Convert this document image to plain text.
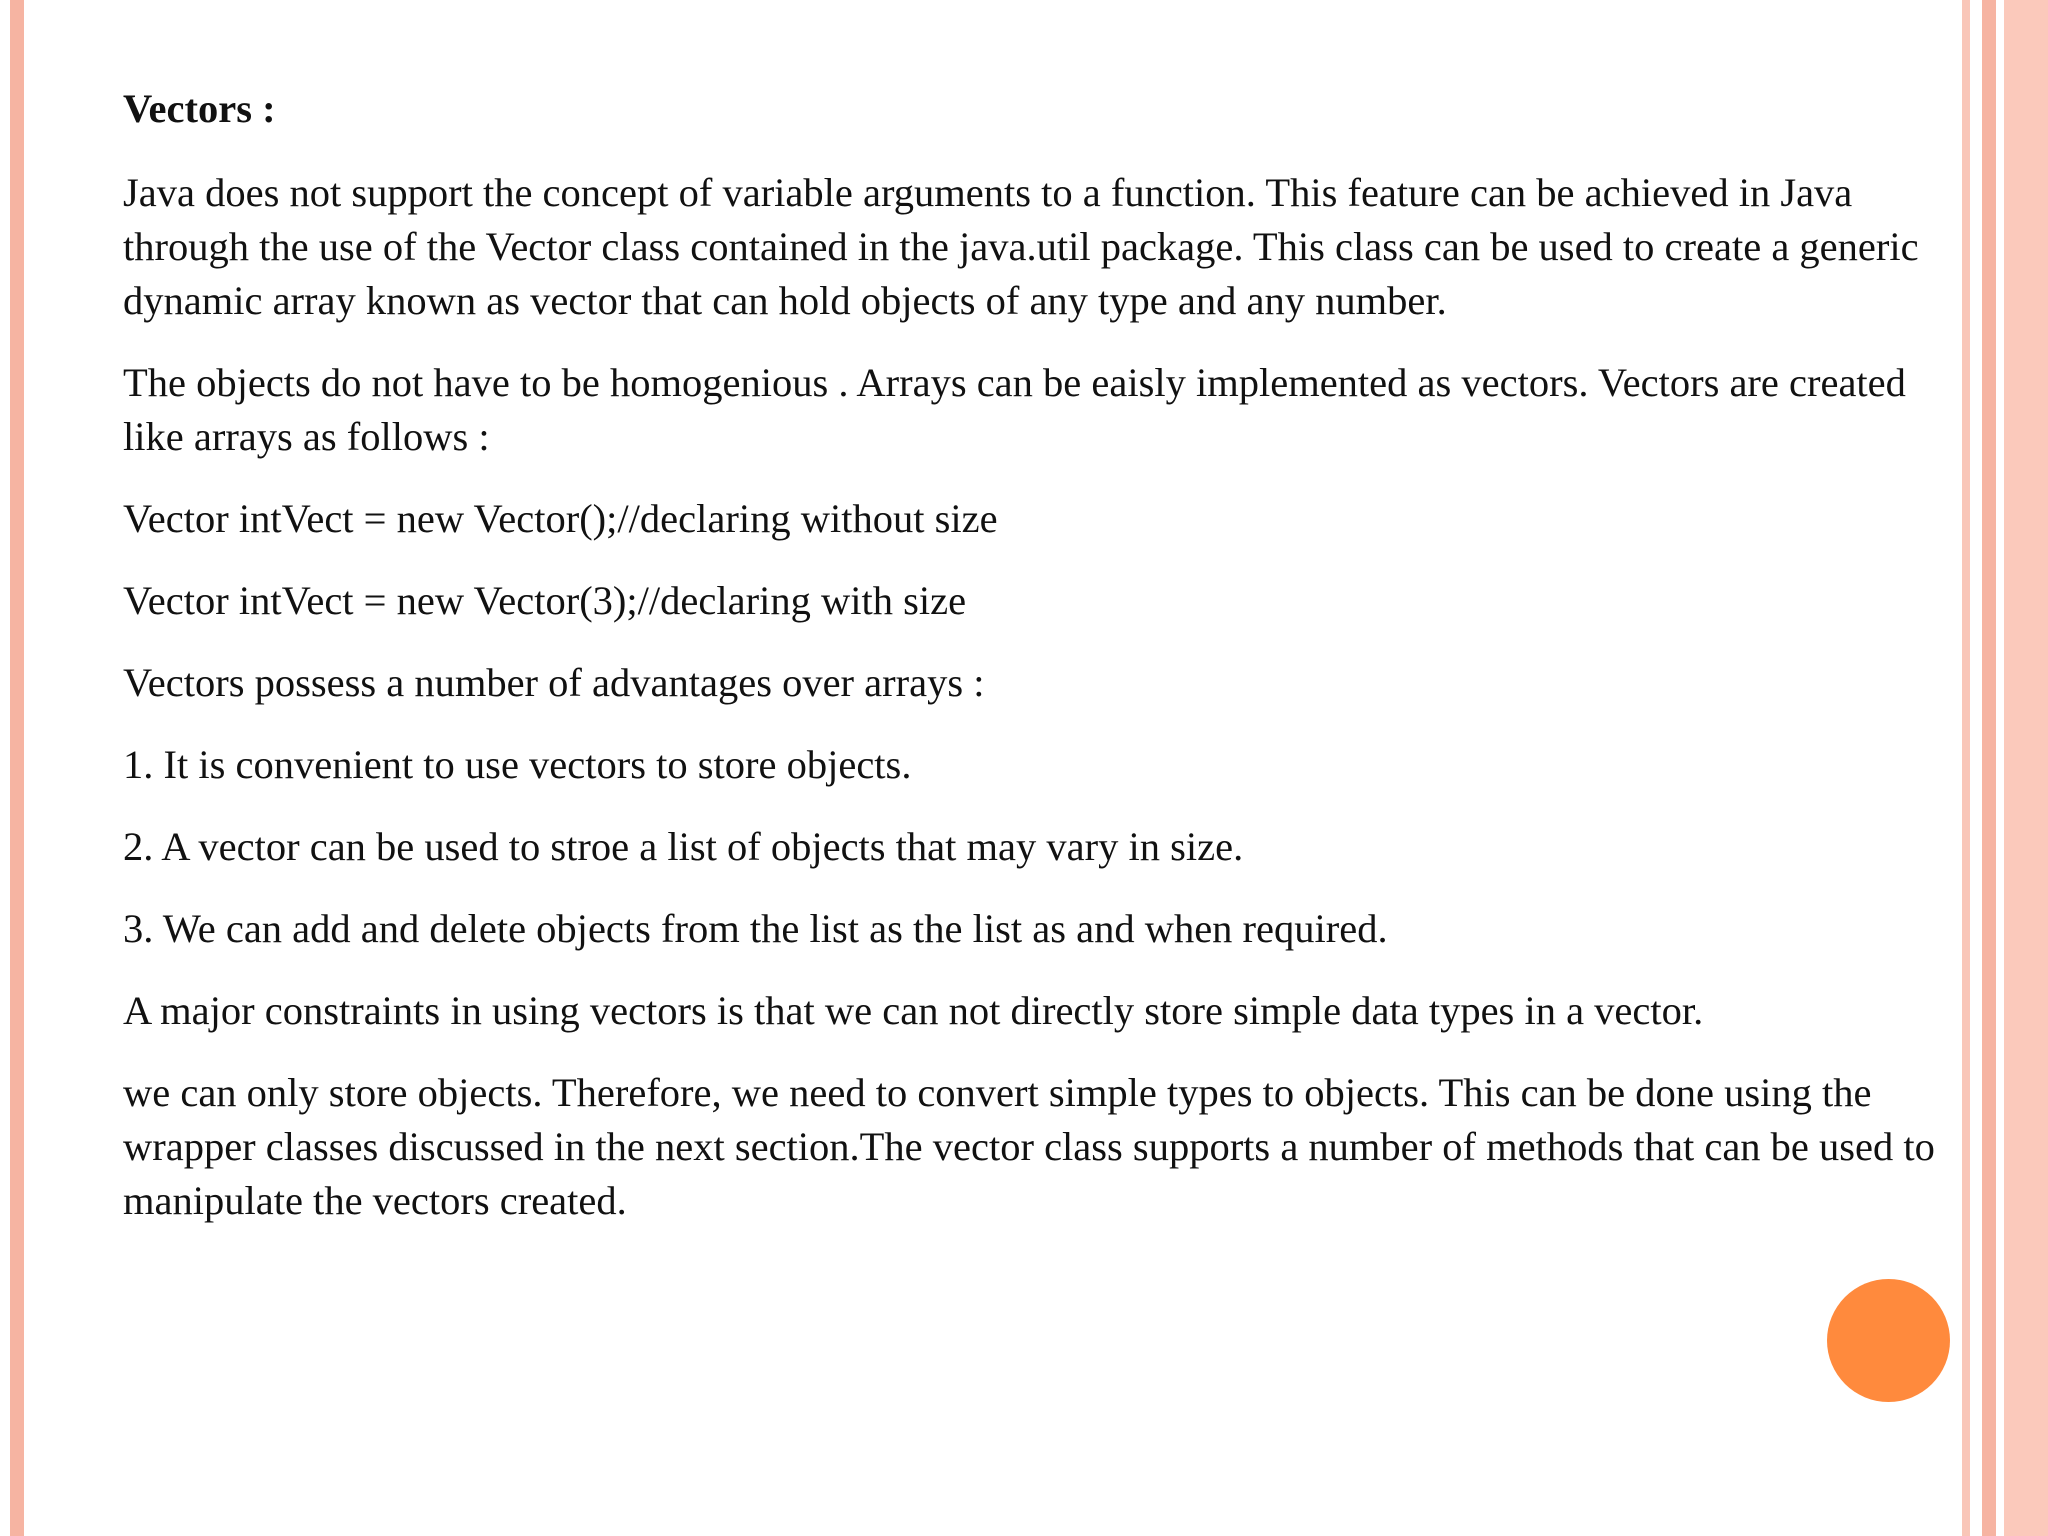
Vectors :

Java does not support the concept of variable arguments to a function. This feature can be achieved in Java through the use of the Vector class contained in the java.util package. This class can be used to create a generic dynamic array known as vector that can hold objects of any type and any number.

The objects do not have to be homogenious . Arrays can be eaisly implemented as vectors. Vectors are created like arrays as follows :

Vector intVect = new Vector();//declaring without size

Vector intVect = new Vector(3);//declaring with size

Vectors possess a number of advantages over arrays :

1. It is convenient to use vectors to store objects.

2. A vector can be used to stroe a list of objects that may vary in size.

3. We can add and delete objects from the list as the list as and when required.

A major constraints in using vectors is that we can not directly store simple data types in a vector.

we can only store objects. Therefore, we need to convert simple types to objects. This can be done using the wrapper classes discussed in the next section.The vector class supports a number of methods that can be used to manipulate the vectors created.
